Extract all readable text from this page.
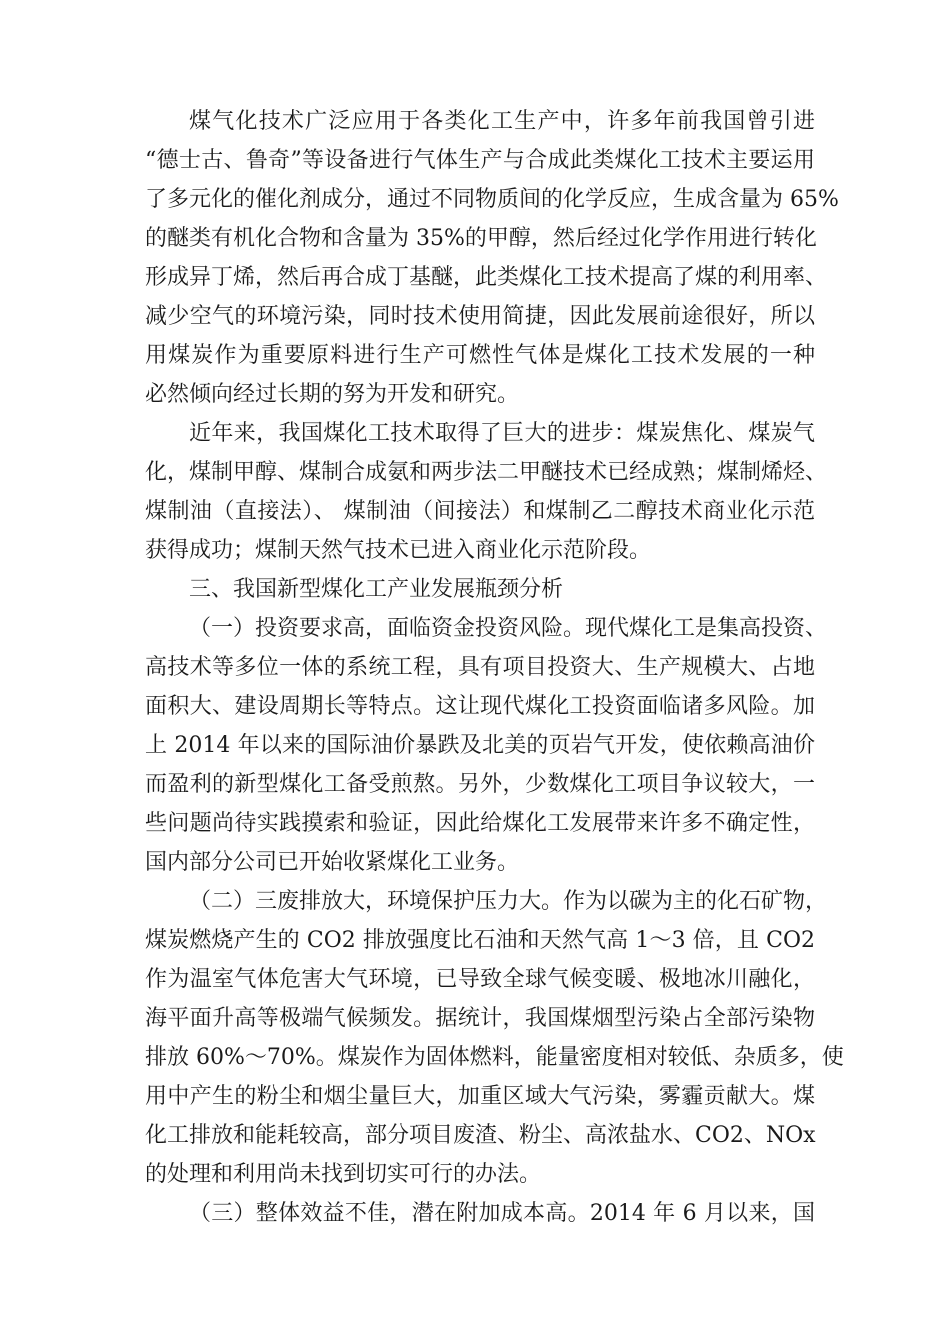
煤气化技术广泛应用于各类化工生产中，许多年前我国曾引进
“德士古、鲁奇”等设备进行气体生产与合成此类煤化工技术主要运用
了多元化的催化剂成分，通过不同物质间的化学反应，生成含量为 65%
的醚类有机化合物和含量为 35%的甲醇，然后经过化学作用进行转化
形成异丁烯，然后再合成丁基醚，此类煤化工技术提高了煤的利用率、
减少空气的环境污染，同时技术使用简捷，因此发展前途很好，所以
用煤炭作为重要原料进行生产可燃性气体是煤化工技术发展的一种
必然倾向经过长期的努为开发和研究。
近年来，我国煤化工技术取得了巨大的进步：煤炭焦化、煤炭气
化，煤制甲醇、煤制合成氨和两步法二甲醚技术已经成熟；煤制烯烃、
煤制油（直接法）、 煤制油（间接法）和煤制乙二醇技术商业化示范
获得成功；煤制天然气技术已进入商业化示范阶段。
三、我国新型煤化工产业发展瓶颈分析
（一）投资要求高，面临资金投资风险。现代煤化工是集高投资、
高技术等多位一体的系统工程，具有项目投资大、生产规模大、占地
面积大、建设周期长等特点。这让现代煤化工投资面临诸多风险。加
上 2014 年以来的国际油价暴跌及北美的页岩气开发，使依赖高油价
而盈利的新型煤化工备受煎熬。另外，少数煤化工项目争议较大，一
些问题尚待实践摸索和验证，因此给煤化工发展带来许多不确定性，
国内部分公司已开始收紧煤化工业务。
（二）三废排放大，环境保护压力大。作为以碳为主的化石矿物，
煤炭燃烧产生的 CO2 排放强度比石油和天然气高 1～3 倍，且 CO2
作为温室气体危害大气环境，已导致全球气候变暖、极地冰川融化，
海平面升高等极端气候频发。据统计，我国煤烟型污染占全部污染物
排放 60%～70%。煤炭作为固体燃料，能量密度相对较低、杂质多，使
用中产生的粉尘和烟尘量巨大，加重区域大气污染，雾霾贡献大。煤
化工排放和能耗较高，部分项目废渣、粉尘、高浓盐水、CO2、NOx
的处理和利用尚未找到切实可行的办法。
（三）整体效益不佳，潜在附加成本高。2014 年 6 月以来，国
